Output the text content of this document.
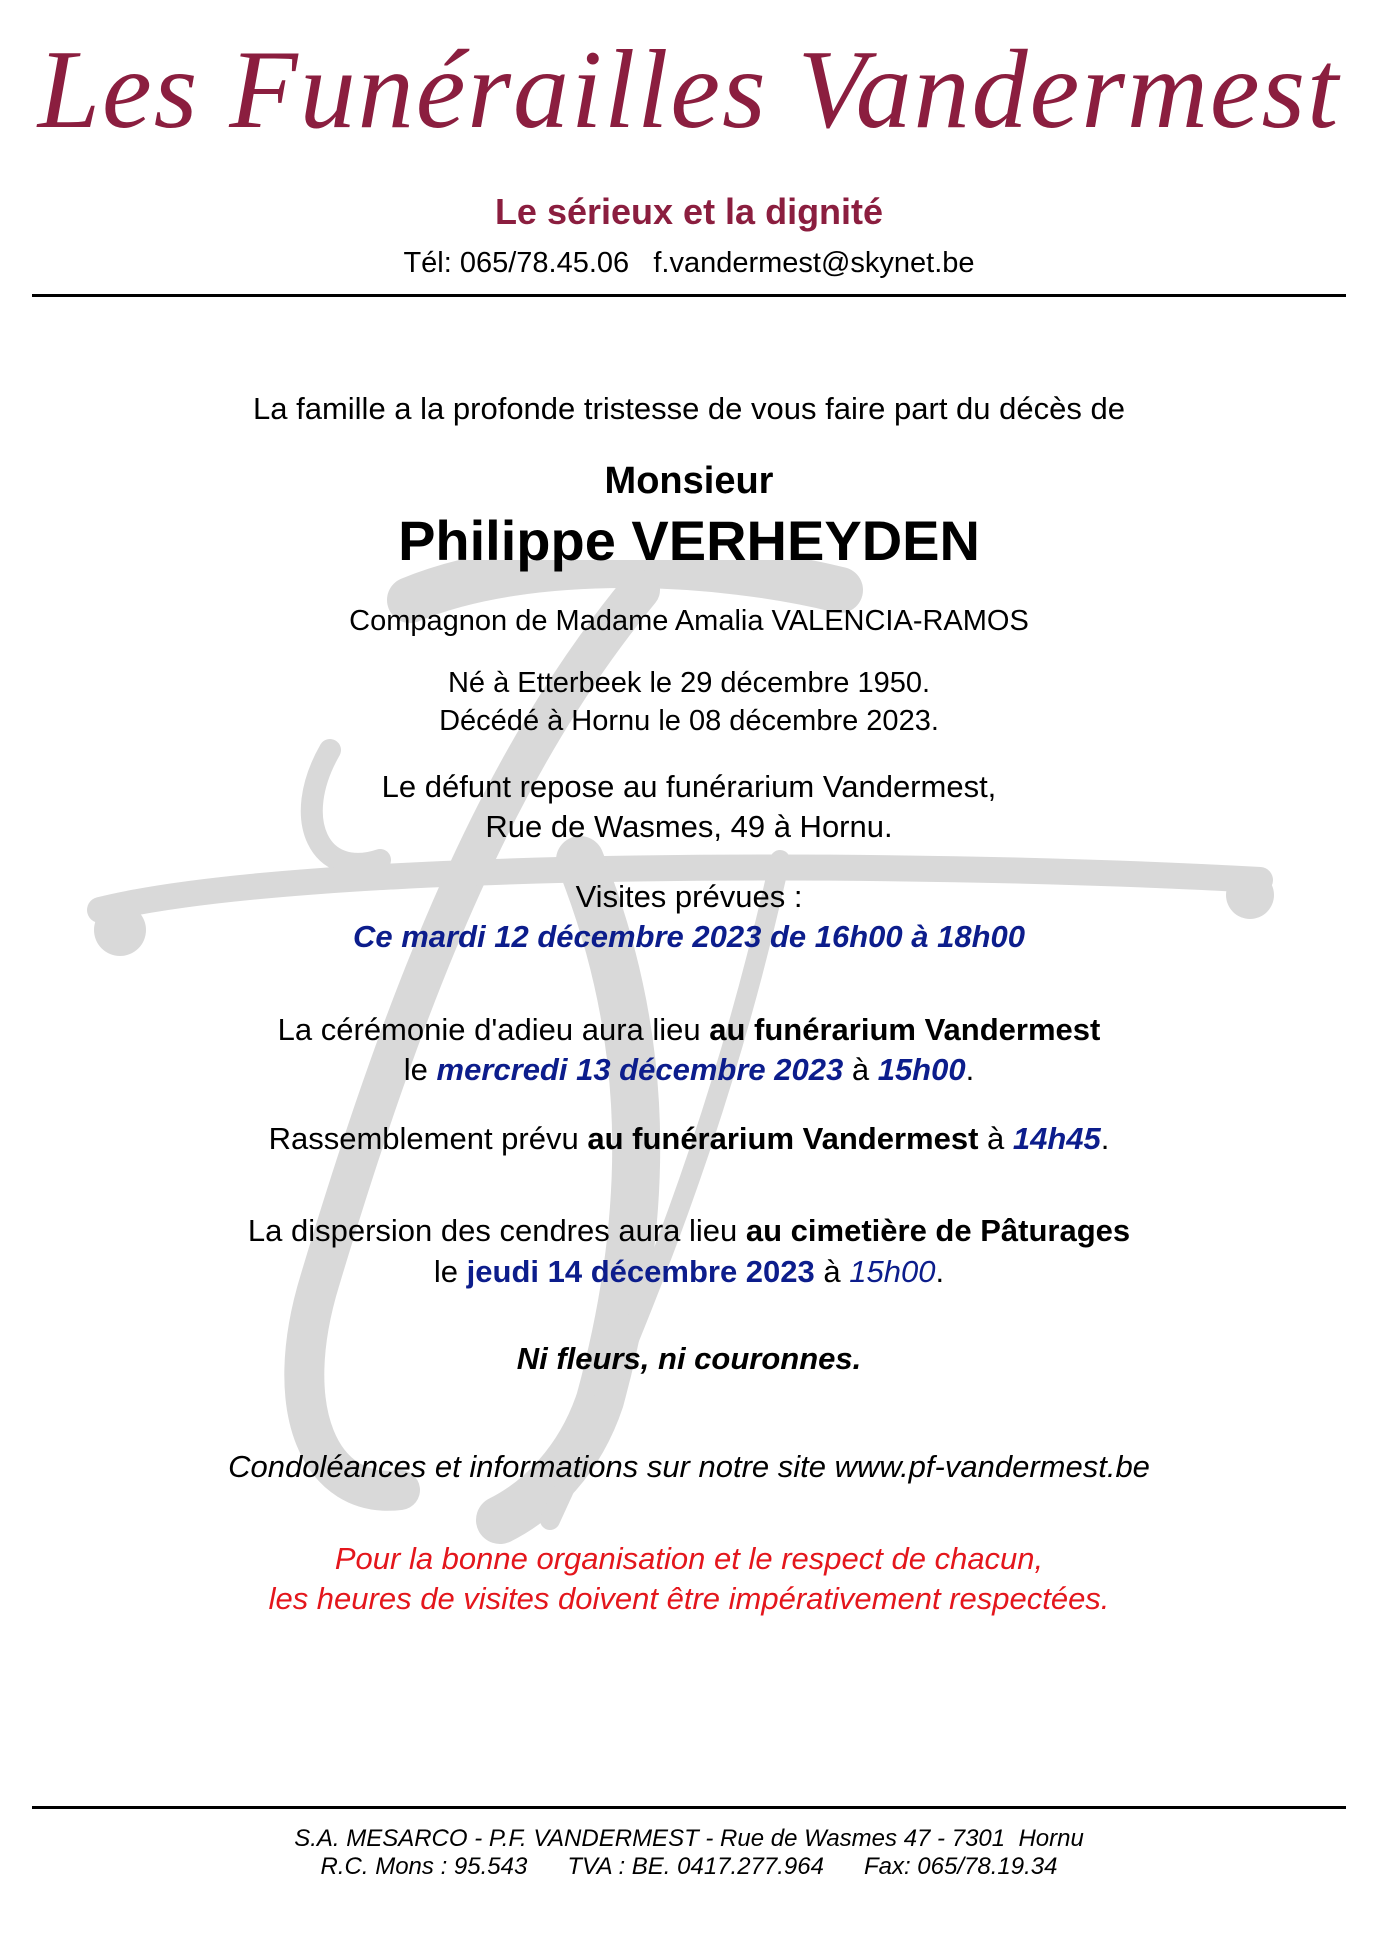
FV
Les Funérailles Vandermest
Le sérieux et la dignité
Tél: 065/78.45.06   f.vandermest@skynet.be
La famille a la profonde tristesse de vous faire part du décès de
Monsieur
Philippe VERHEYDEN
Compagnon de Madame Amalia VALENCIA-RAMOS
Né à Etterbeek le 29 décembre 1950.
Décédé à Hornu le 08 décembre 2023.
Le défunt repose au funérarium Vandermest,
Rue de Wasmes, 49 à Hornu.
Visites prévues :
Ce mardi 12 décembre 2023 de 16h00 à 18h00
La cérémonie d'adieu aura lieu au funérarium Vandermest
le mercredi 13 décembre 2023 à 15h00.
Rassemblement prévu au funérarium Vandermest à 14h45.
La dispersion des cendres aura lieu au cimetière de Pâturages
le jeudi 14 décembre 2023 à 15h00.
Ni fleurs, ni couronnes.
Condoléances et informations sur notre site www.pf-vandermest.be
Pour la bonne organisation et le respect de chacun,
les heures de visites doivent être impérativement respectées.
S.A. MESARCO - P.F. VANDERMEST - Rue de Wasmes 47 - 7301  Hornu
R.C. Mons : 95.543      TVA : BE. 0417.277.964      Fax: 065/78.19.34
